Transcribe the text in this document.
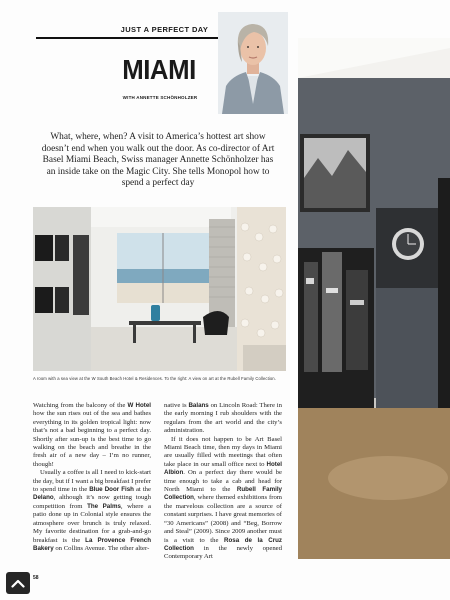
JUST A PERFECT DAY
MIAMI
WITH ANNETTE SCHÖNHOLZER
What, where, when? A visit to America’s hottest art show doesn’t end when you walk out the door. As co-director of Art Basel Miami Beach, Swiss manager Annette Schönholzer has an inside take on the Magic City. She tells Monopol how to spend a perfect day
A room with a sea view at the W South Beach Hotel & Residences. To the right: A view on art at the Rubell Family Collection.

Watching from the balcony of the W Hotel how the sun rises out of the sea and bathes everything in its golden tropical light: now that’s not a bad beginning to a perfect day. Shortly after sun-up is the best time to go walking on the beach and breathe in the fresh air of a new day – I’m no runner, though!

Usually a coffee is all I need to kick-start the day, but if I want a big breakfast I prefer to spend time in the Blue Door Fish at the Delano, although it’s now getting tough competition from The Palms, where a patio done up in Colonial style ensures the atmosphere over brunch is truly relaxed. My favorite destination for a grab-and-go breakfast is the La Provence French Bakery on Collins Avenue. The other alter-

native is Balans on Lincoln Road: There in the early morning I rub shoulders with the regulars from the art world and the city’s administration.

If it does not happen to be Art Basel Miami Beach time, then my days in Miami are usually filled with meetings that often take place in our small office next to Hotel Albion. On a perfect day there would be time enough to take a cab and head for North Miami to the Rubell Family Collection, where themed exhibitions from the marvelous collection are a source of constant surprises. I have great memories of “30 Americans” (2008) and “Beg, Borrow and Steal” (2009). Since 2009 another must is a visit to the Rosa de la Cruz Collection in the newly opened Contemporary Art

58
